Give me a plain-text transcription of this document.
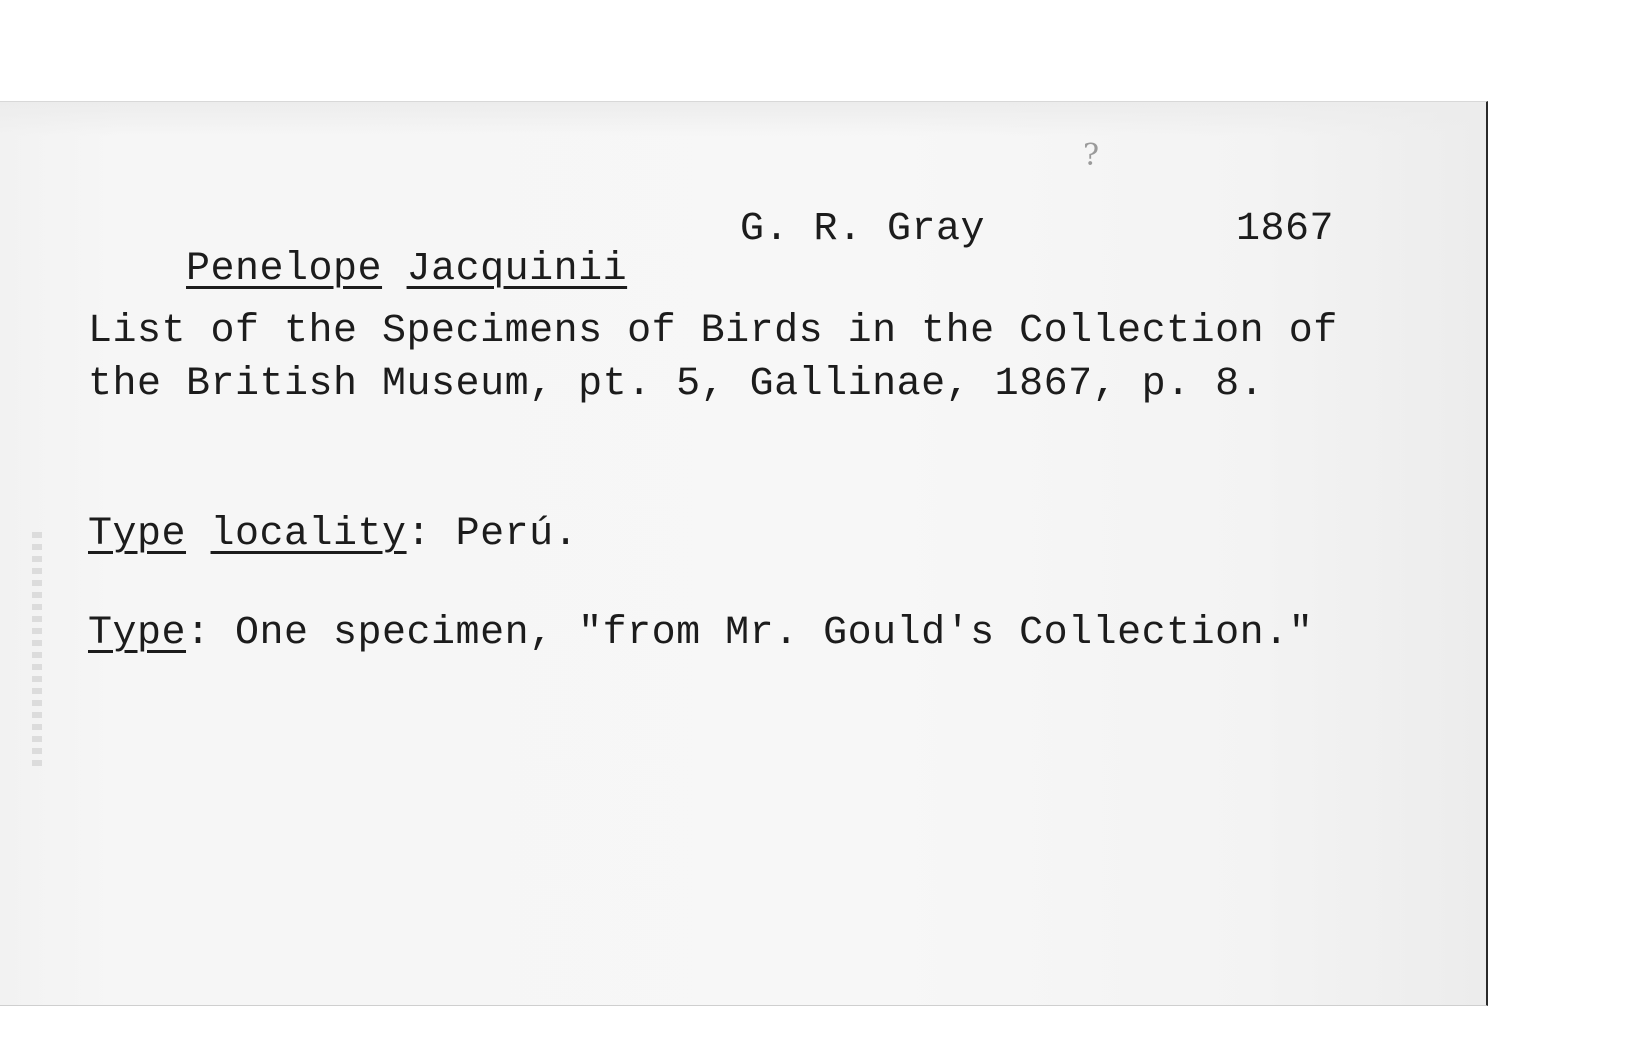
?

Penelope Jacquinii

G. R. Gray	1867
List of the Specimens of Birds in the Collection of
the British Museum, pt. 5, Gallinae, 1867, p. 8.
Type locality: Perú.
Type: One specimen, "from Mr. Gould's Collection."
